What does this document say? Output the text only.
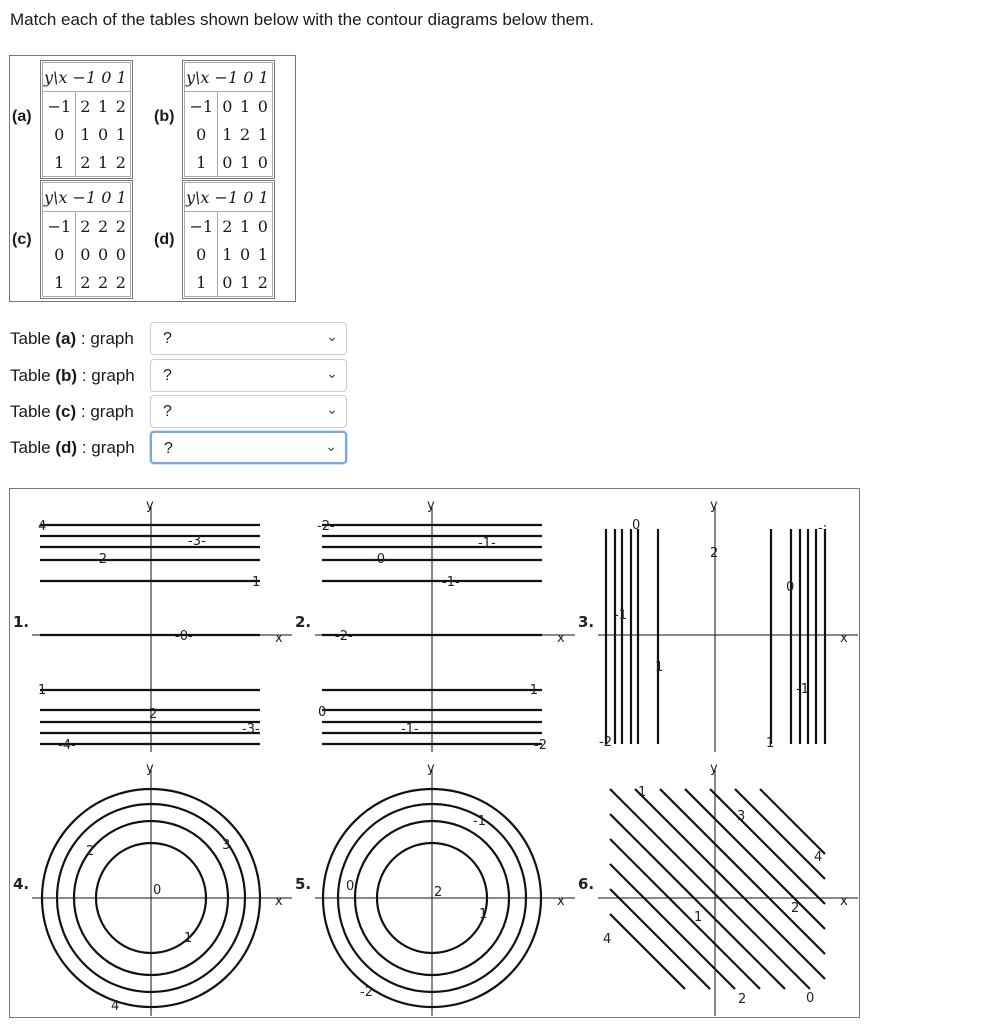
Match each of the tables shown below with the contour diagrams below them.
(a)
y\x −1 0 1			
−1	2	1	2
0	1	0	1
1	2	1	2
(b)
y\x −1 0 1			
−1	0	1	0
0	1	2	1
1	0	1	0
(c)
y\x −1 0 1			
−1	2	2	2
0	0	0	0
1	2	2	2
(d)
y\x −1 0 1			
−1	2	1	0
0	1	0	1
1	0	1	2
Table (a) : graph ?	⌄
Table (b) : graph ?	⌄
Table (c) : graph ?	⌄
Table (d) : graph ?	⌄
y
x
y
x
y
x
y
x
y
x
y
x
1.	2.	3.
4.	5.	6.
4
-2-
-3-
1
-0-
1
2
-3-
-4-
-2-
-0-
-1-
-1-
-2-
-1-
0
-1-
-2
0
2
-:
0
-1
1
-1
-2	1
2	3
0
1
4
-1
0	2
1
-2
1
3
4
1
2
4
2	0
